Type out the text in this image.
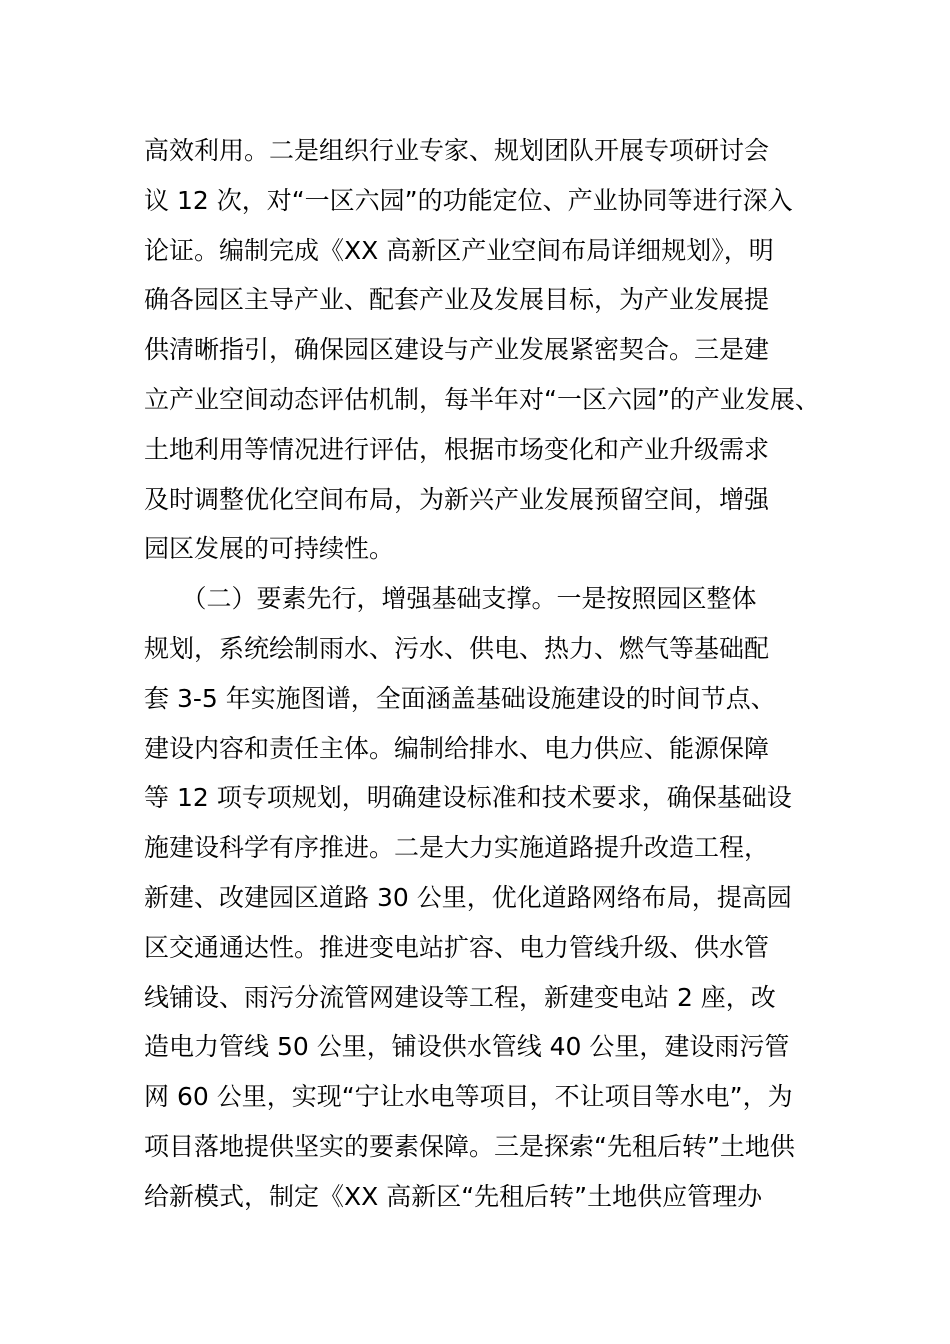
高效利用。二是组织行业专家、规划团队开展专项研讨会
议 12 次，对“一区六园”的功能定位、产业协同等进行深入
论证。编制完成《XX 高新区产业空间布局详细规划》，明
确各园区主导产业、配套产业及发展目标，为产业发展提
供清晰指引，确保园区建设与产业发展紧密契合。三是建
立产业空间动态评估机制，每半年对“一区六园”的产业发展、
土地利用等情况进行评估，根据市场变化和产业升级需求
及时调整优化空间布局，为新兴产业发展预留空间，增强
园区发展的可持续性。
　　（二）要素先行，增强基础支撑。一是按照园区整体
规划，系统绘制雨水、污水、供电、热力、燃气等基础配
套 3-5 年实施图谱，全面涵盖基础设施建设的时间节点、
建设内容和责任主体。编制给排水、电力供应、能源保障
等 12 项专项规划，明确建设标准和技术要求，确保基础设
施建设科学有序推进。二是大力实施道路提升改造工程，
新建、改建园区道路 30 公里，优化道路网络布局，提高园
区交通通达性。推进变电站扩容、电力管线升级、供水管
线铺设、雨污分流管网建设等工程，新建变电站 2 座，改
造电力管线 50 公里，铺设供水管线 40 公里，建设雨污管
网 60 公里，实现“宁让水电等项目，不让项目等水电”，为
项目落地提供坚实的要素保障。三是探索“先租后转”土地供
给新模式，制定《XX 高新区“先租后转”土地供应管理办
